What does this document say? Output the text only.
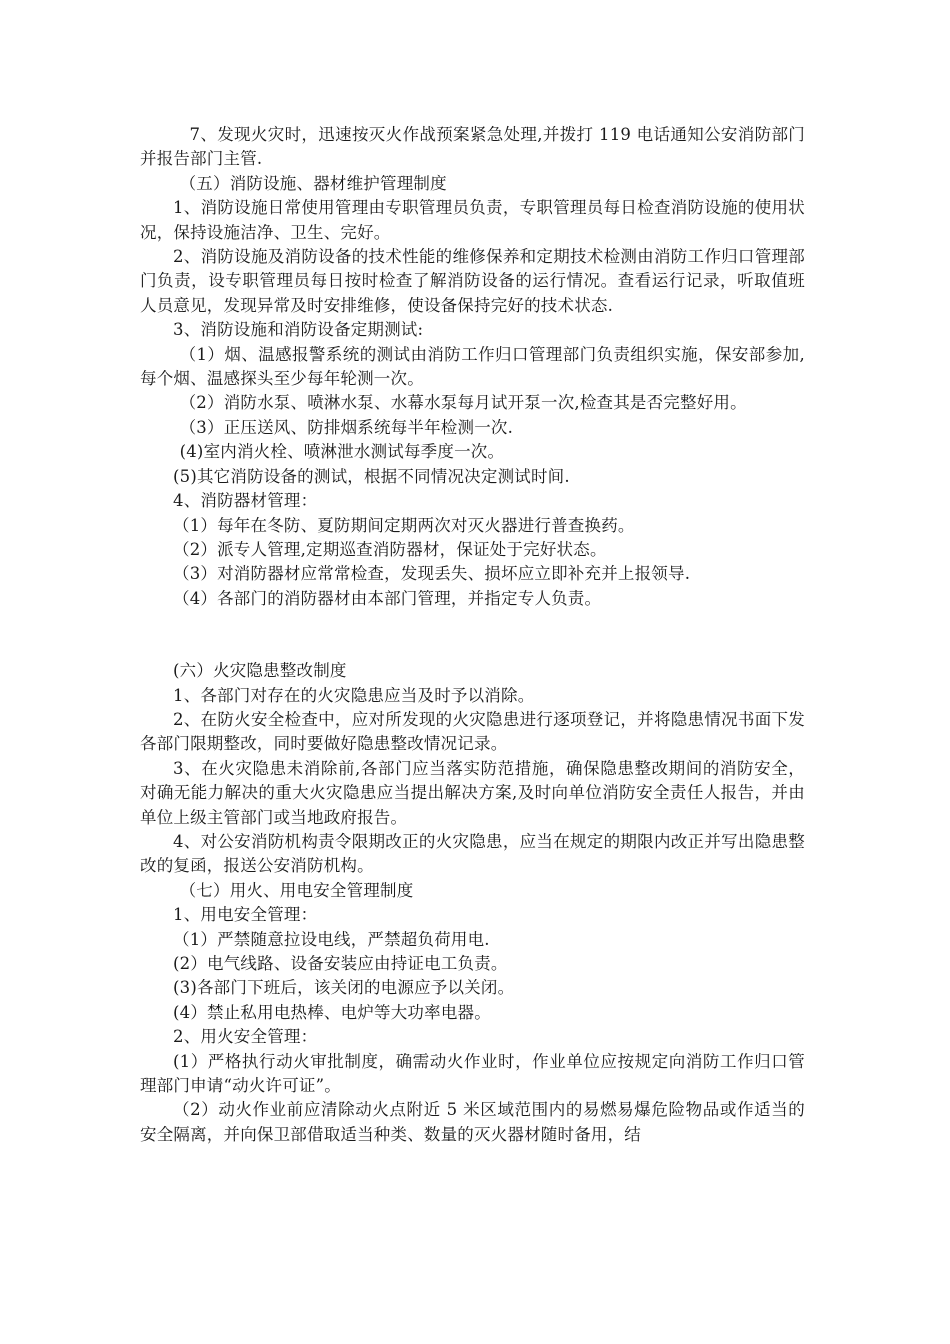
7、发现火灾时，迅速按灭火作战预案紧急处理,并拨打 119 电话通知公安消防部门并报告部门主管.

（五）消防设施、器材维护管理制度

1、消防设施日常使用管理由专职管理员负责，专职管理员每日检查消防设施的使用状况，保持设施洁净、卫生、完好。

2、消防设施及消防设备的技术性能的维修保养和定期技术检测由消防工作归口管理部门负责，设专职管理员每日按时检查了解消防设备的运行情况。查看运行记录，听取值班人员意见，发现异常及时安排维修，使设备保持完好的技术状态.

3、消防设施和消防设备定期测试:

（1）烟、温感报警系统的测试由消防工作归口管理部门负责组织实施，保安部参加,每个烟、温感探头至少每年轮测一次。

（2）消防水泵、喷淋水泵、水幕水泵每月试开泵一次,检查其是否完整好用。

（3）正压送风、防排烟系统每半年检测一次.

(4)室内消火栓、喷淋泄水测试每季度一次。

(5)其它消防设备的测试，根据不同情况决定测试时间.

4、消防器材管理：

（1）每年在冬防、夏防期间定期两次对灭火器进行普查换药。

（2）派专人管理,定期巡查消防器材，保证处于完好状态。

（3）对消防器材应常常检查，发现丢失、损坏应立即补充并上报领导.

（4）各部门的消防器材由本部门管理，并指定专人负责。

(六）火灾隐患整改制度

1、各部门对存在的火灾隐患应当及时予以消除。

2、在防火安全检查中，应对所发现的火灾隐患进行逐项登记，并将隐患情况书面下发各部门限期整改，同时要做好隐患整改情况记录。

3、在火灾隐患未消除前,各部门应当落实防范措施，确保隐患整改期间的消防安全，对确无能力解决的重大火灾隐患应当提出解决方案,及时向单位消防安全责任人报告，并由单位上级主管部门或当地政府报告。

4、对公安消防机构责令限期改正的火灾隐患，应当在规定的期限内改正并写出隐患整改的复函，报送公安消防机构。

（七）用火、用电安全管理制度

1、用电安全管理：

（1）严禁随意拉设电线，严禁超负荷用电.

(2）电气线路、设备安装应由持证电工负责。

(3)各部门下班后，该关闭的电源应予以关闭。

(4）禁止私用电热棒、电炉等大功率电器。

2、用火安全管理：

(1）严格执行动火审批制度，确需动火作业时，作业单位应按规定向消防工作归口管理部门申请“动火许可证”。

（2）动火作业前应清除动火点附近 5 米区域范围内的易燃易爆危险物品或作适当的安全隔离，并向保卫部借取适当种类、数量的灭火器材随时备用，结
